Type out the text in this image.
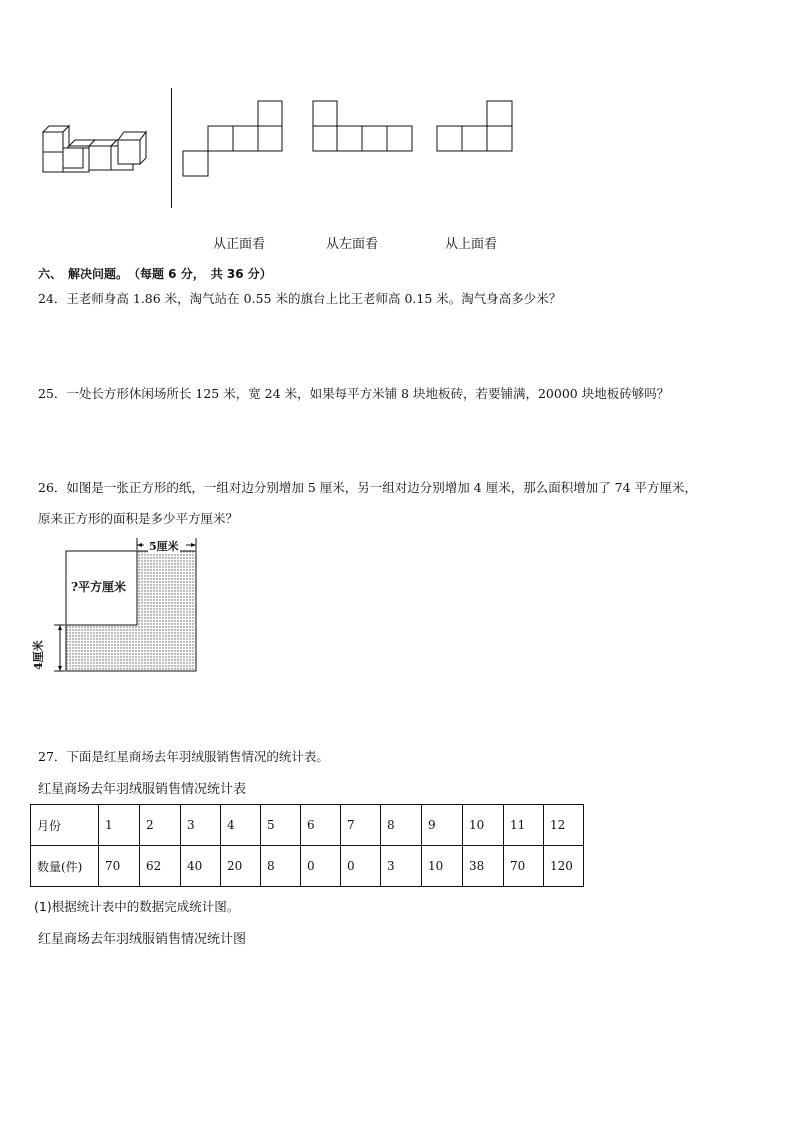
从正面看	从左面看	从上面看
六、　解决问题。　（每题 6 分，　共 36 分）
24．王老师身高 1.86 米，淘气站在 0.55 米的旗台上比王老师高 0.15 米。淘气身高多少米？
25．一处长方形休闲场所长 125 米，宽 24 米，如果每平方米铺 8 块地板砖，若要铺满，20000 块地板砖够吗？
26．如图是一张正方形的纸，一组对边分别增加 5 厘米，另一组对边分别增加 4 厘米，那么面积增加了 74 平方厘米，
原来正方形的面积是多少平方厘米？
5厘米
4厘米
?平方厘米
27．下面是红星商场去年羽绒服销售情况的统计表。
红星商场去年羽绒服销售情况统计表
月份	1	2	3	4	5	6	7	8	9	10	11	12
数量(件)	70	62	40	20	8	0	0	3	10	38	70	120
(1)根据统计表中的数据完成统计图。
红星商场去年羽绒服销售情况统计图
